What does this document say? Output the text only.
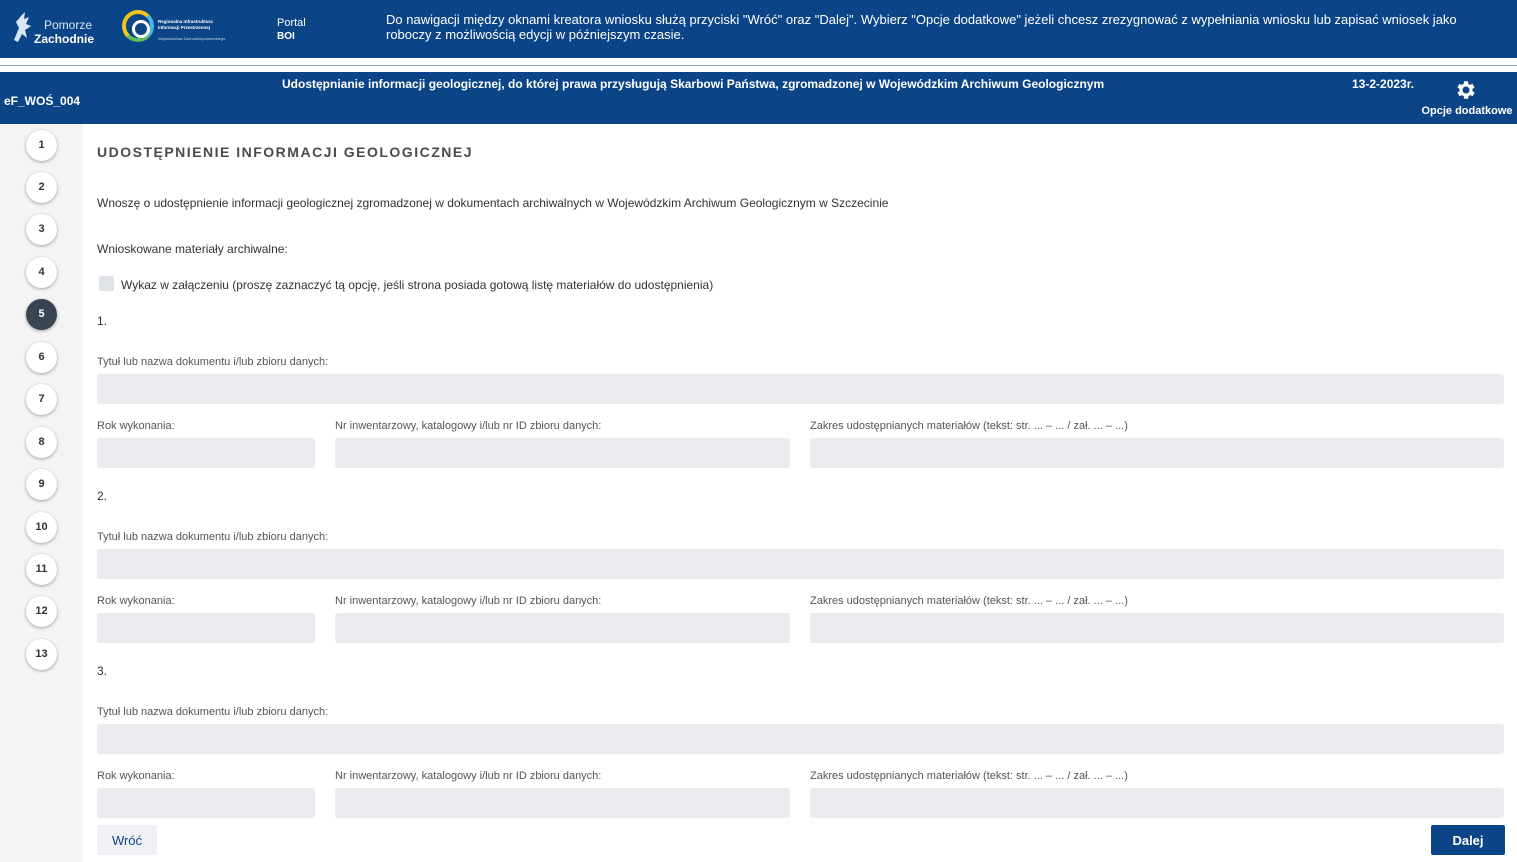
Pomorze
Zachodnie
Regionalna Infrastruktura
Informacji Przestrzennej
Województwa Zachodniopomorskiego
Portal
BOI
Do nawigacji między oknami kreatora wniosku służą przyciski "Wróć" oraz "Dalej". Wybierz "Opcje dodatkowe" jeżeli chcesz zrezygnować z wypełniania wniosku lub zapisać wniosek jako roboczy z możliwością edycji w późniejszym czasie.
eF_WOŚ_004
Udostępnianie informacji geologicznej, do której prawa przysługują Skarbowi Państwa, zgromadzonej w Wojewódzkim Archiwum Geologicznym	13-2-2023r.
Opcje dodatkowe
1
2
3
4
5
6
7
8
9
10
11
12
13
UDOSTĘPNIENIE INFORMACJI GEOLOGICZNEJ
Wnoszę o udostępnienie informacji geologicznej zgromadzonej w dokumentach archiwalnych w Wojewódzkim Archiwum Geologicznym w Szczecinie
Wnioskowane materiały archiwalne:
Wykaz w załączeniu (proszę zaznaczyć tą opcję, jeśli strona posiada gotową listę materiałów do udostępnienia)
1.
Tytuł lub nazwa dokumentu i/lub zbioru danych:
Rok wykonania:	Nr inwentarzowy, katalogowy i/lub nr ID zbioru danych:	Zakres udostępnianych materiałów (tekst: str. ... – ... / zał. ... – ...)
2.
Tytuł lub nazwa dokumentu i/lub zbioru danych:
Rok wykonania:	Nr inwentarzowy, katalogowy i/lub nr ID zbioru danych:	Zakres udostępnianych materiałów (tekst: str. ... – ... / zał. ... – ...)
3.
Tytuł lub nazwa dokumentu i/lub zbioru danych:
Rok wykonania:	Nr inwentarzowy, katalogowy i/lub nr ID zbioru danych:	Zakres udostępnianych materiałów (tekst: str. ... – ... / zał. ... – ...)
Wróć	Dalej
